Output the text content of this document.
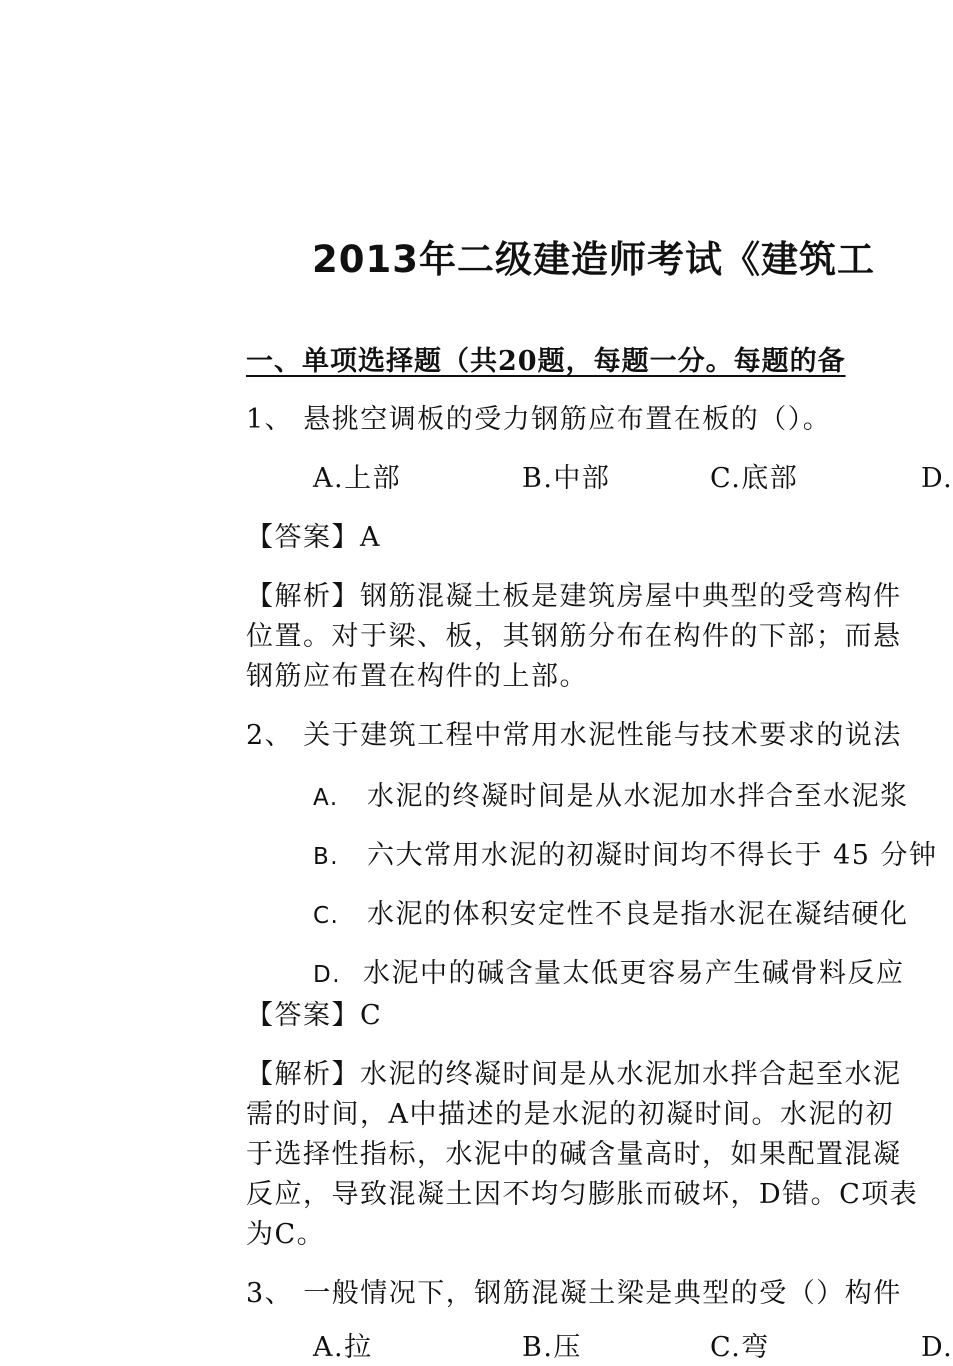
2013年二级建造师考试《建筑工
一、单项选择题（共20题，每题一分。每题的备
1、 悬挑空调板的受力钢筋应布置在板的（）。
A.上部	B.中部	C.底部	D.
【答案】A
【解析】钢筋混凝土板是建筑房屋中典型的受弯构件
位置。对于梁、板，其钢筋分布在构件的下部；而悬
钢筋应布置在构件的上部。
2、 关于建筑工程中常用水泥性能与技术要求的说法
A. 水泥的终凝时间是从水泥加水拌合至水泥浆
B. 六大常用水泥的初凝时间均不得长于 45 分钟
C. 水泥的体积安定性不良是指水泥在凝结硬化
D. 水泥中的碱含量太低更容易产生碱骨料反应
【答案】C
【解析】水泥的终凝时间是从水泥加水拌合起至水泥
需的时间，A中描述的是水泥的初凝时间。水泥的初
于选择性指标，水泥中的碱含量高时，如果配置混凝
反应，导致混凝土因不均匀膨胀而破坏，D错。C项表
为C。
3、 一般情况下，钢筋混凝土梁是典型的受（）构件
A.拉	B.压	C.弯	D.
